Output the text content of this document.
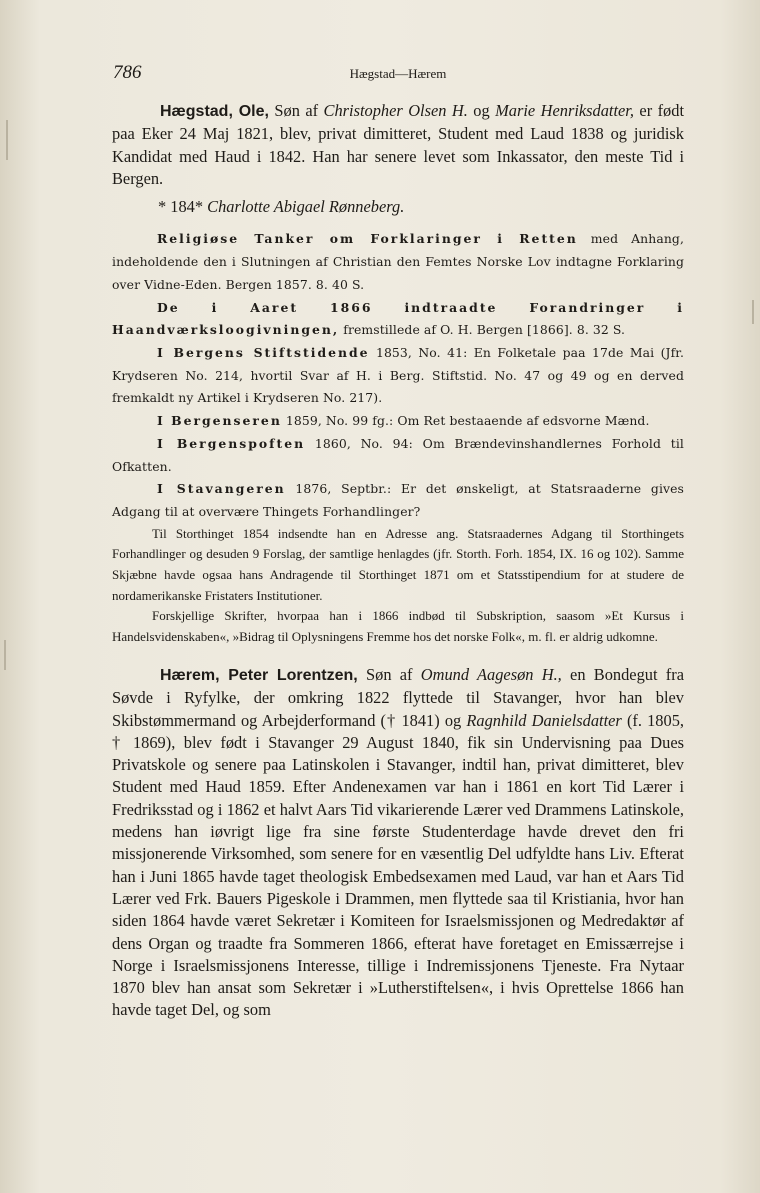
786	Hægstad—Hærem

Hægstad, Ole, Søn af Christopher Olsen H. og Marie Henriksdatter, er født paa Eker 24 Maj 1821, blev, privat dimitteret, Student med Laud 1838 og juridisk Kandidat med Haud i 1842. Han har senere levet som Inkassator, den meste Tid i Bergen.

* 184* Charlotte Abigael Rønneberg.

Religiøse Tanker om Forklaringer i Retten med Anhang, indeholdende den i Slutningen af Christian den Femtes Norske Lov indtagne Forklaring over Vidne-Eden. Bergen 1857. 8. 40 S.

De i Aaret 1866 indtraadte Forandringer i Haandværksloogivningen, fremstillede af O. H. Bergen [1866]. 8. 32 S.

I Bergens Stiftstidende 1853, No. 41: En Folketale paa 17de Mai (Jfr. Krydseren No. 214, hvortil Svar af H. i Berg. Stiftstid. No. 47 og 49 og en derved fremkaldt ny Artikel i Krydseren No. 217).

I Bergenseren 1859, No. 99 fg.: Om Ret bestaaende af edsvorne Mænd.

I Bergenspoften 1860, No. 94: Om Brændevinshandlernes Forhold til Ofkatten.

I Stavangeren 1876, Septbr.: Er det ønskeligt, at Statsraaderne gives Adgang til at overvære Thingets Forhandlinger?

Til Storthinget 1854 indsendte han en Adresse ang. Statsraadernes Adgang til Storthingets Forhandlinger og desuden 9 Forslag, der samtlige henlagdes (jfr. Storth. Forh. 1854, IX. 16 og 102). Samme Skjæbne havde ogsaa hans Andragende til Storthinget 1871 om et Statsstipendium for at studere de nordamerikanske Fristaters Institutioner.

Forskjellige Skrifter, hvorpaa han i 1866 indbød til Subskription, saasom »Et Kursus i Handelsvidenskaben«, »Bidrag til Oplysningens Fremme hos det norske Folk«, m. fl. er aldrig udkomne.

Hærem, Peter Lorentzen, Søn af Omund Aagesøn H., en Bondegut fra Søvde i Ryfylke, der omkring 1822 flyttede til Stavanger, hvor han blev Skibstømmermand og Arbejderformand († 1841) og Ragnhild Danielsdatter (f. 1805, † 1869), blev født i Stavanger 29 August 1840, fik sin Undervisning paa Dues Privatskole og senere paa Latinskolen i Stavanger, indtil han, privat dimitteret, blev Student med Haud 1859. Efter Andenexamen var han i 1861 en kort Tid Lærer i Fredriksstad og i 1862 et halvt Aars Tid vikarierende Lærer ved Drammens Latinskole, medens han iøvrigt lige fra sine første Studenterdage havde drevet den fri missjonerende Virksomhed, som senere for en væsentlig Del udfyldte hans Liv. Efterat han i Juni 1865 havde taget theologisk Embedsexamen med Laud, var han et Aars Tid Lærer ved Frk. Bauers Pigeskole i Drammen, men flyttede saa til Kristiania, hvor han siden 1864 havde været Sekretær i Komiteen for Israelsmissjonen og Medredaktør af dens Organ og traadte fra Sommeren 1866, efterat have foretaget en Emissærrejse i Norge i Israelsmissjonens Interesse, tillige i Indremissjonens Tjeneste. Fra Nytaar 1870 blev han ansat som Sekretær i »Lutherstiftelsen«, i hvis Oprettelse 1866 han havde taget Del, og som
